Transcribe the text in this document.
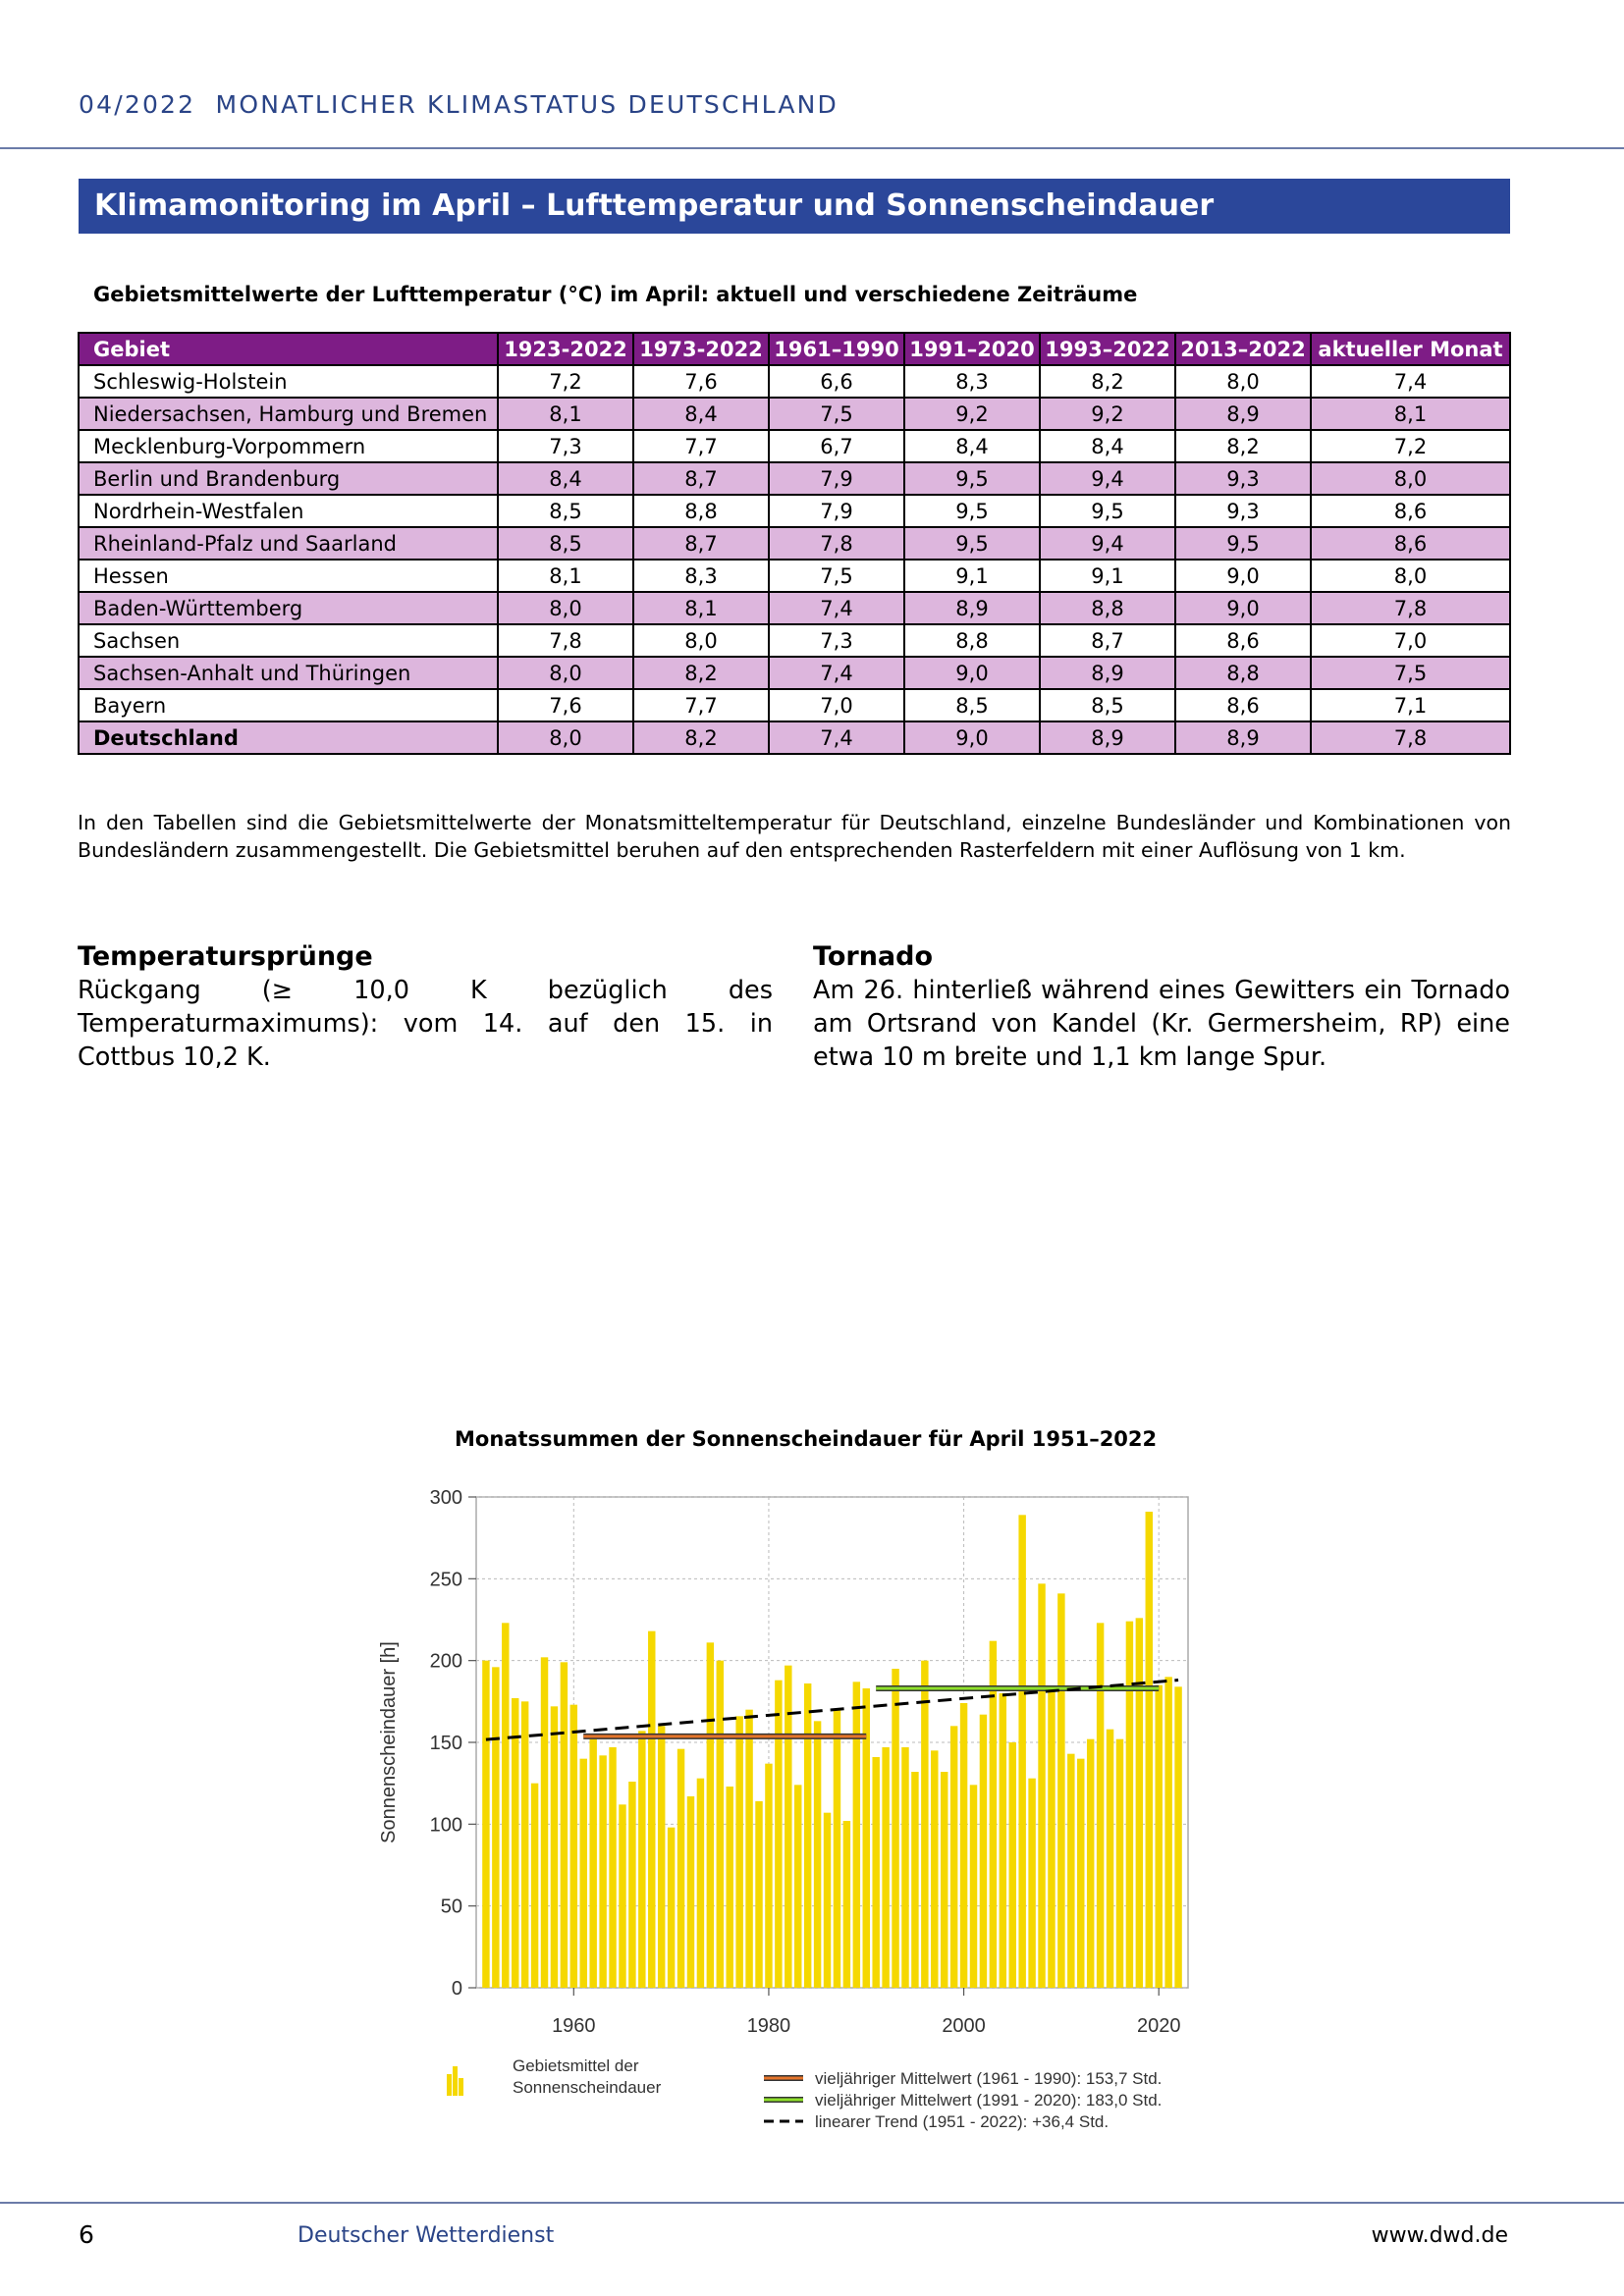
04/2022  MONATLICHER KLIMASTATUS DEUTSCHLAND
Klimamonitoring im April – Lufttemperatur und Sonnenscheindauer
Gebietsmittelwerte der Lufttemperatur (°C) im April: aktuell und verschiedene Zeiträume
Gebiet	1923-2022	1973-2022	1961–1990	1991–2020	1993–2022	2013–2022	aktueller Monat
Schleswig-Holstein	7,2	7,6	6,6	8,3	8,2	8,0	7,4
Niedersachsen, Hamburg und Bremen	8,1	8,4	7,5	9,2	9,2	8,9	8,1
Mecklenburg-Vorpommern	7,3	7,7	6,7	8,4	8,4	8,2	7,2
Berlin und Brandenburg	8,4	8,7	7,9	9,5	9,4	9,3	8,0
Nordrhein-Westfalen	8,5	8,8	7,9	9,5	9,5	9,3	8,6
Rheinland-Pfalz und Saarland	8,5	8,7	7,8	9,5	9,4	9,5	8,6
Hessen	8,1	8,3	7,5	9,1	9,1	9,0	8,0
Baden-Württemberg	8,0	8,1	7,4	8,9	8,8	9,0	7,8
Sachsen	7,8	8,0	7,3	8,8	8,7	8,6	7,0
Sachsen-Anhalt und Thüringen	8,0	8,2	7,4	9,0	8,9	8,8	7,5
Bayern	7,6	7,7	7,0	8,5	8,5	8,6	7,1
Deutschland	8,0	8,2	7,4	9,0	8,9	8,9	7,8
In den Tabellen sind die Gebietsmittelwerte der Monatsmitteltemperatur für Deutschland, einzelne Bundesländer und Kombinationen von Bundesländern zusammengestellt. Die Gebietsmittel beruhen auf den entsprechenden Rasterfeldern mit einer Auflösung von 1 km.
Temperatursprünge

Rückgang (≥ 10,0 K bezüglich des Temperaturmaximums): vom 14. auf den 15. in Cottbus 10,2 K.

Tornado

Am 26. hinterließ während eines Gewitters ein Tornado am Ortsrand von Kandel (Kr. Germersheim, RP) eine etwa 10 m breite und 1,1 km lange Spur.

Monatssummen der Sonnenscheindauer für April 1951–2022
0
50
100
150
200
250
300
1960	1980	2000	2020
Sonnenscheindauer [h]
Gebietsmittel der
Sonnenscheindauer	vieljähriger Mittelwert (1961 - 1990): 153,7 Std.
vieljähriger Mittelwert (1991 - 2020): 183,0 Std.
linearer Trend (1951 - 2022): +36,4 Std.
6	Deutscher Wetterdienst	www.dwd.de
